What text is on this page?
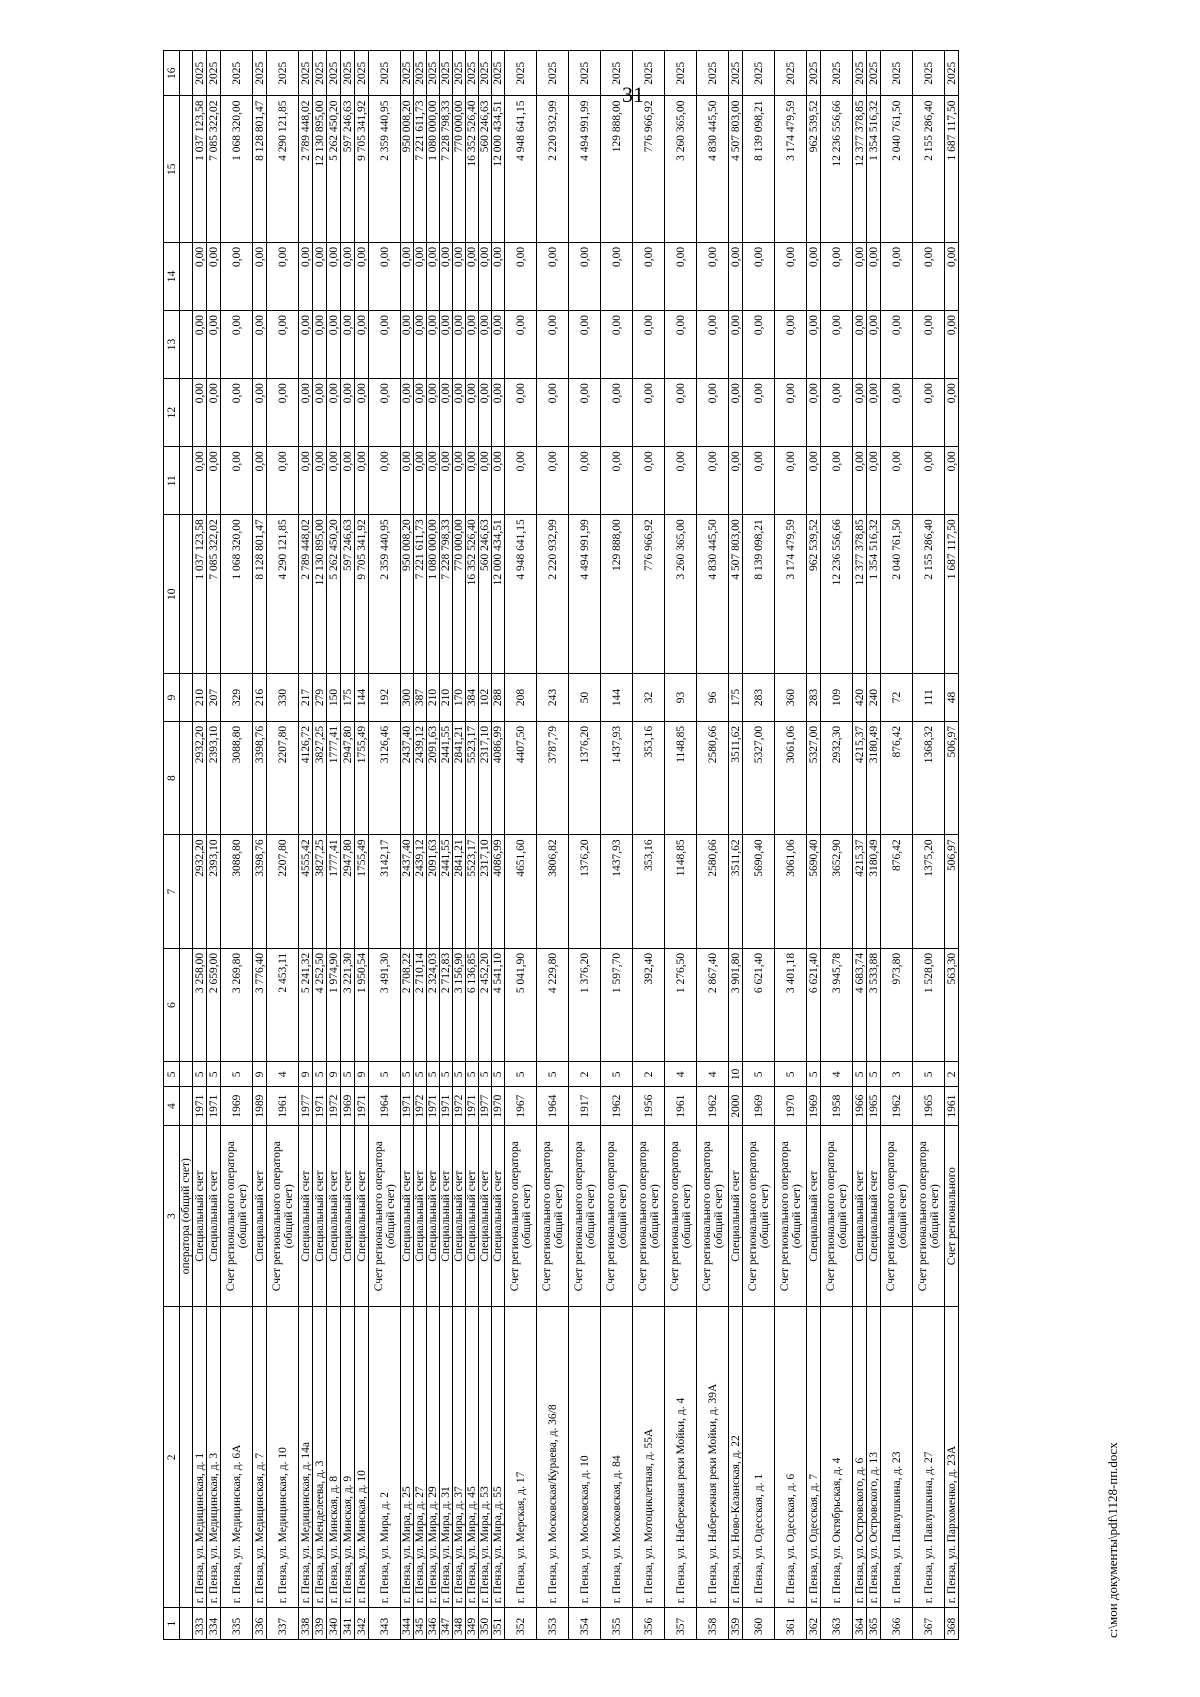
31
1	2	3	4	5	6	7	8	9	10	11	12	13	14	15	16
		оператора (общий счет)													
333	г. Пенза, ул. Медицинская, д. 1	Специальный счет	1971	5	3 258,00	2932,20	2932,20	210	1 037 123,58	0,00	0,00	0,00	0,00	1 037 123,58	2025
334	г. Пенза, ул. Медицинская, д. 3	Специальный счет	1971	5	2 659,00	2393,10	2393,10	207	7 085 322,02	0,00	0,00	0,00	0,00	7 085 322,02	2025
335	г. Пенза, ул. Медицинская, д. 6А	Счет регионального оператора (общий счет)	1969	5	3 269,80	3088,80	3088,80	329	1 068 320,00	0,00	0,00	0,00	0,00	1 068 320,00	2025
336	г. Пенза, ул. Медицинская, д. 7	Специальный счет	1989	9	3 776,40	3398,76	3398,76	216	8 128 801,47	0,00	0,00	0,00	0,00	8 128 801,47	2025
337	г. Пенза, ул. Медицинская, д. 10	Счет регионального оператора (общий счет)	1961	4	2 453,11	2207,80	2207,80	330	4 290 121,85	0,00	0,00	0,00	0,00	4 290 121,85	2025
338	г. Пенза, ул. Медицинская, д. 14а	Специальный счет	1977	9	5 241,32	4555,42	4126,72	217	2 789 448,02	0,00	0,00	0,00	0,00	2 789 448,02	2025
339	г. Пенза, ул. Менделеева, д. 3	Специальный счет	1971	5	4 252,50	3827,25	3827,25	279	12 130 895,00	0,00	0,00	0,00	0,00	12 130 895,00	2025
340	г. Пенза, ул. Минская, д. 8	Специальный счет	1972	9	1 974,90	1777,41	1777,41	150	5 262 450,20	0,00	0,00	0,00	0,00	5 262 450,20	2025
341	г. Пенза, ул. Минская, д. 9	Специальный счет	1969	5	3 221,30	2947,80	2947,80	175	597 246,63	0,00	0,00	0,00	0,00	597 246,63	2025
342	г. Пенза, ул. Минская, д. 10	Специальный счет	1971	9	1 950,54	1755,49	1755,49	144	9 705 341,92	0,00	0,00	0,00	0,00	9 705 341,92	2025
343	г. Пенза, ул. Мира, д. 2	Счет регионального оператора (общий счет)	1964	5	3 491,30	3142,17	3126,46	192	2 359 440,95	0,00	0,00	0,00	0,00	2 359 440,95	2025
344	г. Пенза, ул. Мира, д. 25	Специальный счет	1971	5	2 708,22	2437,40	2437,40	300	950 008,20	0,00	0,00	0,00	0,00	950 008,20	2025
345	г. Пенза, ул. Мира, д. 27	Специальный счет	1972	5	2 710,14	2439,12	2439,12	387	7 221 611,73	0,00	0,00	0,00	0,00	7 221 611,73	2025
346	г. Пенза, ул. Мира, д. 29	Специальный счет	1971	5	2 324,03	2091,63	2091,63	210	1 080 000,00	0,00	0,00	0,00	0,00	1 080 000,00	2025
347	г. Пенза, ул. Мира, д. 31	Специальный счет	1971	5	2 712,83	2441,55	2441,55	210	7 228 798,33	0,00	0,00	0,00	0,00	7 228 798,33	2025
348	г. Пенза, ул. Мира, д. 37	Специальный счет	1972	5	3 156,90	2841,21	2841,21	170	770 000,00	0,00	0,00	0,00	0,00	770 000,00	2025
349	г. Пенза, ул. Мира, д. 45	Специальный счет	1971	5	6 136,85	5523,17	5523,17	384	16 352 526,40	0,00	0,00	0,00	0,00	16 352 526,40	2025
350	г. Пенза, ул. Мира, д. 53	Специальный счет	1977	5	2 452,20	2317,10	2317,10	102	560 246,63	0,00	0,00	0,00	0,00	560 246,63	2025
351	г. Пенза, ул. Мира, д. 55	Специальный счет	1970	5	4 541,10	4086,99	4086,99	288	12 000 434,51	0,00	0,00	0,00	0,00	12 000 434,51	2025
352	г. Пенза, ул. Мерская, д. 17	Счет регионального оператора (общий счет)	1967	5	5 041,90	4651,60	4407,50	208	4 948 641,15	0,00	0,00	0,00	0,00	4 948 641,15	2025
353	г. Пенза, ул. Московская/Кураева, д. 36/8	Счет регионального оператора (общий счет)	1964	5	4 229,80	3806,82	3787,79	243	2 220 932,99	0,00	0,00	0,00	0,00	2 220 932,99	2025
354	г. Пенза, ул. Московская, д. 10	Счет регионального оператора (общий счет)	1917	2	1 376,20	1376,20	1376,20	50	4 494 991,99	0,00	0,00	0,00	0,00	4 494 991,99	2025
355	г. Пенза, ул. Московская, д. 84	Счет регионального оператора (общий счет)	1962	5	1 597,70	1437,93	1437,93	144	129 888,00	0,00	0,00	0,00	0,00	129 888,00	2025
356	г. Пенза, ул. Мотоциклетная, д. 55А	Счет регионального оператора (общий счет)	1956	2	392,40	353,16	353,16	32	776 966,92	0,00	0,00	0,00	0,00	776 966,92	2025
357	г. Пенза, ул. Набережная реки Мойки, д. 4	Счет регионального оператора (общий счет)	1961	4	1 276,50	1148,85	1148,85	93	3 260 365,00	0,00	0,00	0,00	0,00	3 260 365,00	2025
358	г. Пенза, ул. Набережная реки Мойки, д. 39А	Счет регионального оператора (общий счет)	1962	4	2 867,40	2580,66	2580,66	96	4 830 445,50	0,00	0,00	0,00	0,00	4 830 445,50	2025
359	г. Пенза, ул. Ново-Казанская, д. 22	Специальный счет	2000	10	3 901,80	3511,62	3511,62	175	4 507 803,00	0,00	0,00	0,00	0,00	4 507 803,00	2025
360	г. Пенза, ул. Одесская, д. 1	Счет регионального оператора (общий счет)	1969	5	6 621,40	5690,40	5327,00	283	8 139 098,21	0,00	0,00	0,00	0,00	8 139 098,21	2025
361	г. Пенза, ул. Одесская, д. 6	Счет регионального оператора (общий счет)	1970	5	3 401,18	3061,06	3061,06	360	3 174 479,59	0,00	0,00	0,00	0,00	3 174 479,59	2025
362	г. Пенза, ул. Одесская, д. 7	Специальный счет	1969	5	6 621,40	5690,40	5327,00	283	962 539,52	0,00	0,00	0,00	0,00	962 539,52	2025
363	г. Пенза, ул. Октябрьская, д. 4	Счет регионального оператора (общий счет)	1958	4	3 945,78	3652,90	2932,30	109	12 236 556,66	0,00	0,00	0,00	0,00	12 236 556,66	2025
364	г. Пенза, ул. Островского, д. 6	Специальный счет	1966	5	4 683,74	4215,37	4215,37	420	12 377 378,85	0,00	0,00	0,00	0,00	12 377 378,85	2025
365	г. Пенза, ул. Островского, д. 13	Специальный счет	1965	5	3 533,88	3180,49	3180,49	240	1 354 516,32	0,00	0,00	0,00	0,00	1 354 516,32	2025
366	г. Пенза, ул. Павлушкина, д. 23	Счет регионального оператора (общий счет)	1962	3	973,80	876,42	876,42	72	2 040 761,50	0,00	0,00	0,00	0,00	2 040 761,50	2025
367	г. Пенза, ул. Павлушкина, д. 27	Счет регионального оператора (общий счет)	1965	5	1 528,00	1375,20	1368,32	111	2 155 286,40	0,00	0,00	0,00	0,00	2 155 286,40	2025
368	г. Пенза, ул. Пархоменко, д. 23А	Счет регионального	1961	2	563,30	506,97	506,97	48	1 687 117,50	0,00	0,00	0,00	0,00	1 687 117,50	2025
c:\мои документы\pdf\1128-пп.docx
